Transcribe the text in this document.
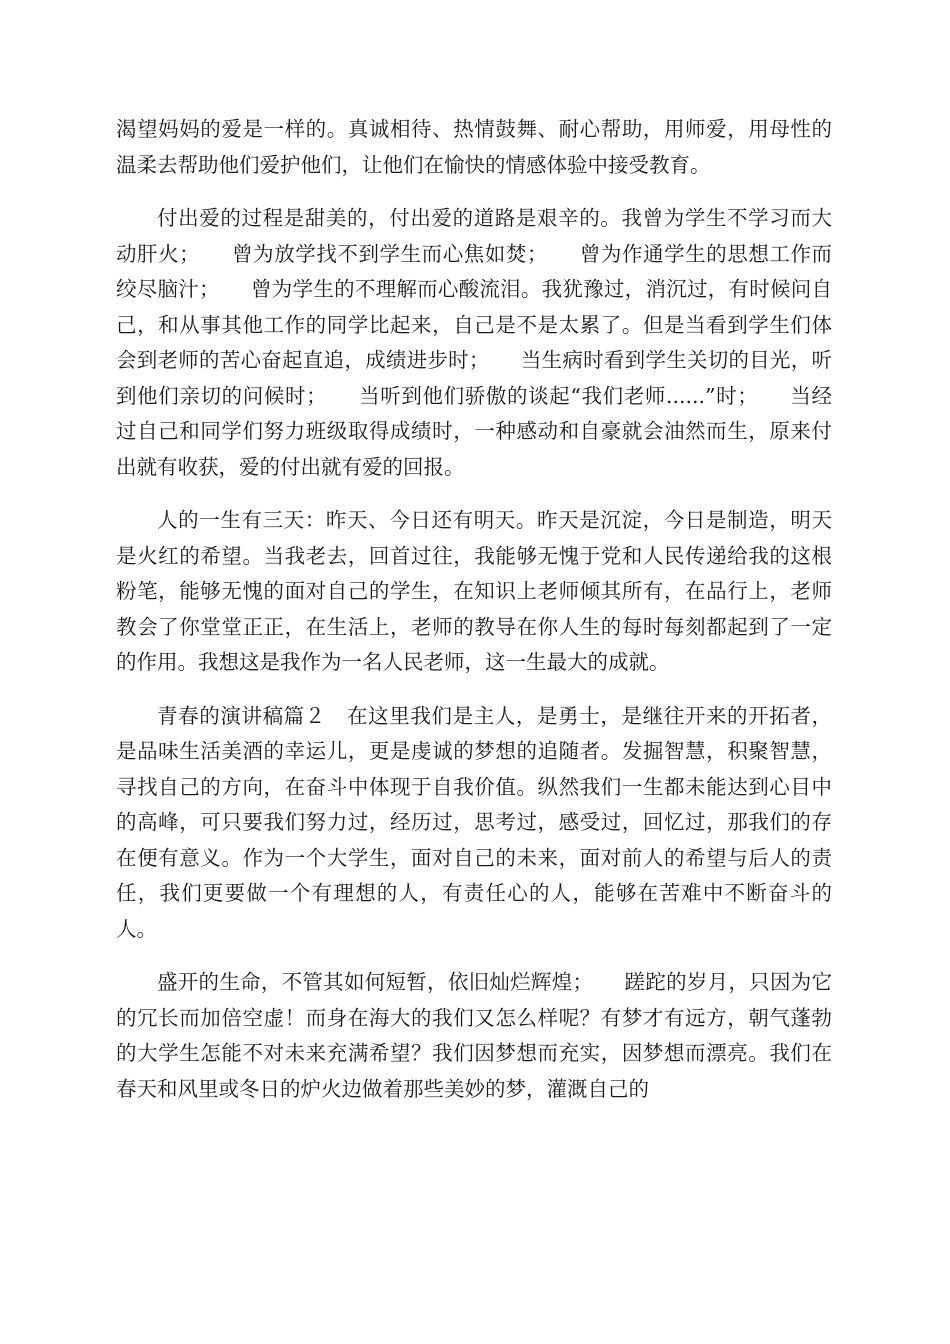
渴望妈妈的爱是一样的。真诚相待、热情鼓舞、耐心帮助，用师爱，用母性的温柔去帮助他们爱护他们，让他们在愉快的情感体验中接受教育。

付出爱的过程是甜美的，付出爱的道路是艰辛的。我曾为学生不学习而大动肝火；　　曾为放学找不到学生而心焦如焚；　　曾为作通学生的思想工作而绞尽脑汁；　　曾为学生的不理解而心酸流泪。我犹豫过，消沉过，有时候问自己，和从事其他工作的同学比起来，自己是不是太累了。但是当看到学生们体会到老师的苦心奋起直追，成绩进步时；　　当生病时看到学生关切的目光，听到他们亲切的问候时；　　当听到他们骄傲的谈起“我们老师......”时；　　当经过自己和同学们努力班级取得成绩时，一种感动和自豪就会油然而生，原来付出就有收获，爱的付出就有爱的回报。

人的一生有三天：昨天、今日还有明天。昨天是沉淀，今日是制造，明天是火红的希望。当我老去，回首过往，我能够无愧于党和人民传递给我的这根粉笔，能够无愧的面对自己的学生，在知识上老师倾其所有，在品行上，老师教会了你堂堂正正，在生活上，老师的教导在你人生的每时每刻都起到了一定的作用。我想这是我作为一名人民老师，这一生最大的成就。

青春的演讲稿篇２　在这里我们是主人，是勇士，是继往开来的开拓者，是品味生活美酒的幸运儿，更是虔诚的梦想的追随者。发掘智慧，积聚智慧，寻找自己的方向，在奋斗中体现于自我价值。纵然我们一生都未能达到心目中的高峰，可只要我们努力过，经历过，思考过，感受过，回忆过，那我们的存在便有意义。作为一个大学生，面对自己的未来，面对前人的希望与后人的责任，我们更要做一个有理想的人，有责任心的人，能够在苦难中不断奋斗的人。

盛开的生命，不管其如何短暂，依旧灿烂辉煌；　　蹉跎的岁月，只因为它的冗长而加倍空虚！而身在海大的我们又怎么样呢？有梦才有远方，朝气蓬勃的大学生怎能不对未来充满希望？我们因梦想而充实，因梦想而漂亮。我们在春天和风里或冬日的炉火边做着那些美妙的梦，灌溉自己的
